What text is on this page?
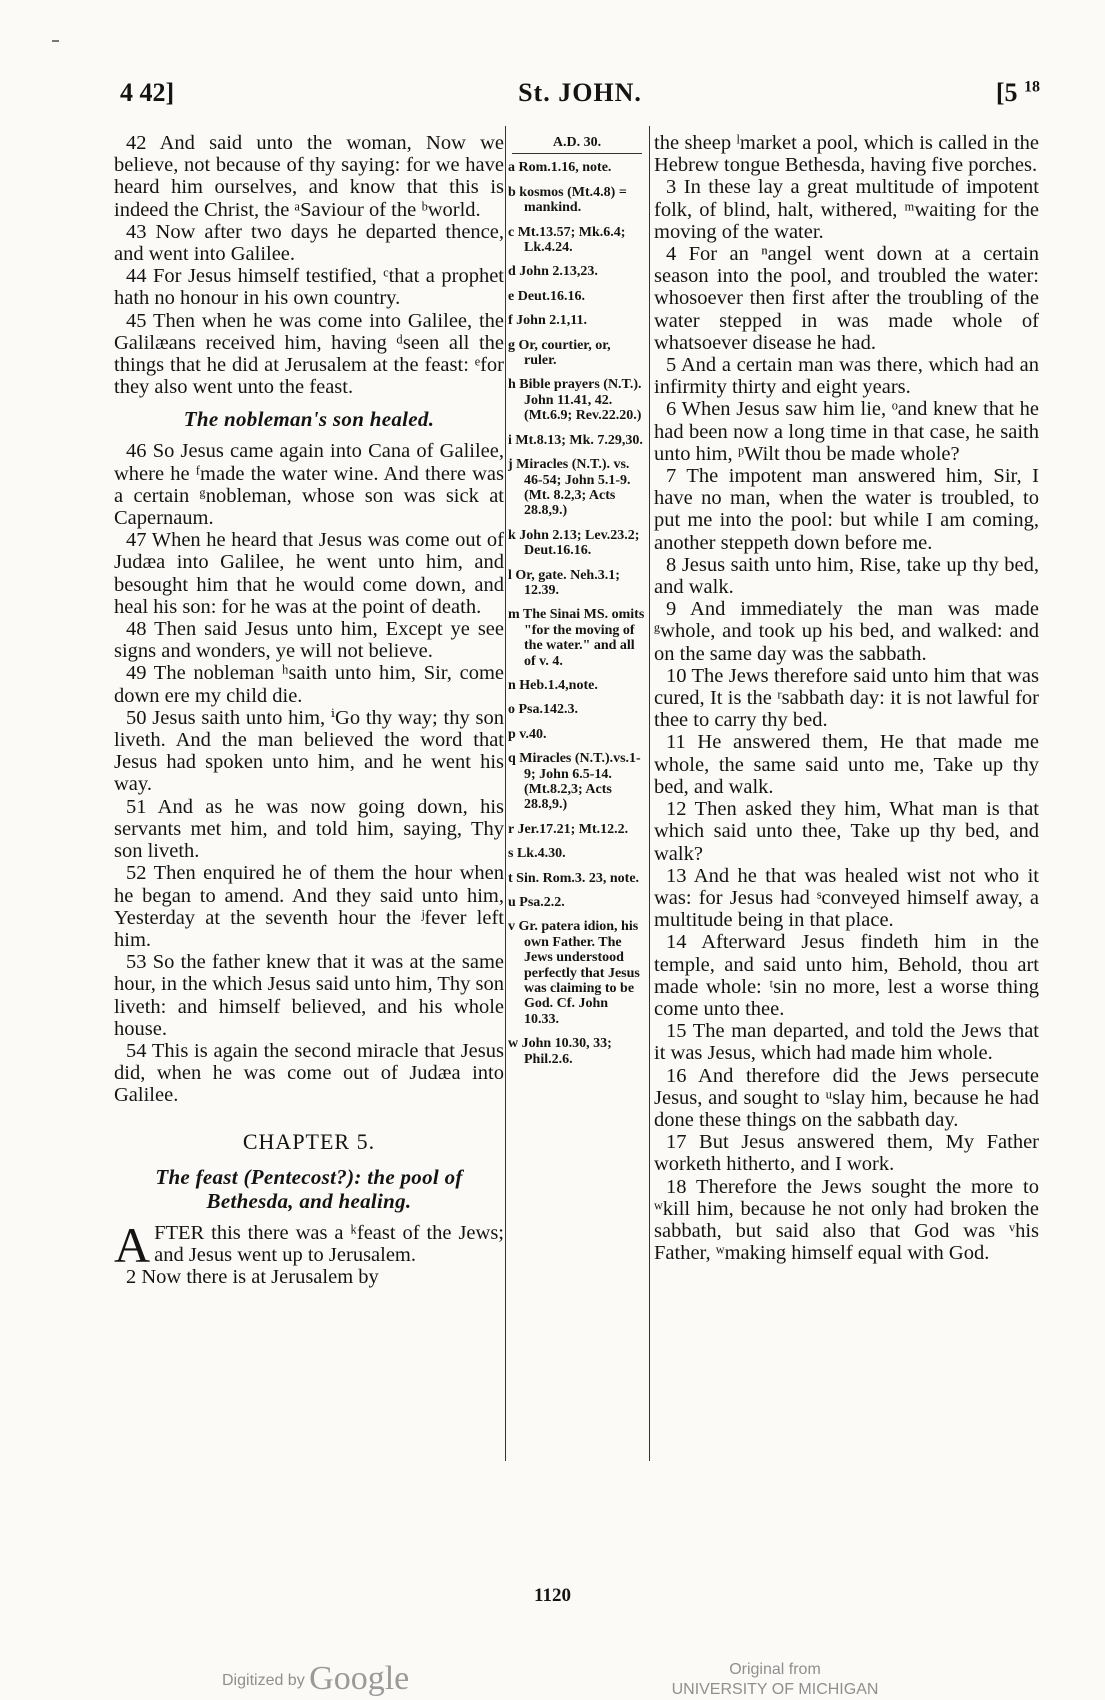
4 42]	St. JOHN.	[5 $^{18}$

42 And said unto the woman, Now we believe, not because of thy saying: for we have heard him ourselves, and know that this is indeed the Christ, the ᵃSaviour of the ᵇworld.

43 Now after two days he departed thence, and went into Galilee.

44 For Jesus himself testified, ᶜthat a prophet hath no honour in his own country.

45 Then when he was come into Galilee, the Galilæans received him, having ᵈseen all the things that he did at Jerusalem at the feast: ᵉfor they also went unto the feast.

The nobleman's son healed.

46 So Jesus came again into Cana of Galilee, where he ᶠmade the water wine. And there was a certain ᵍnobleman, whose son was sick at Capernaum.

47 When he heard that Jesus was come out of Judæa into Galilee, he went unto him, and besought him that he would come down, and heal his son: for he was at the point of death.

48 Then said Jesus unto him, Except ye see signs and wonders, ye will not believe.

49 The nobleman ʰsaith unto him, Sir, come down ere my child die.

50 Jesus saith unto him, ⁱGo thy way; thy son liveth. And the man believed the word that Jesus had spoken unto him, and he went his way.

51 And as he was now going down, his servants met him, and told him, saying, Thy son liveth.

52 Then enquired he of them the hour when he began to amend. And they said unto him, Yesterday at the seventh hour the ʲfever left him.

53 So the father knew that it was at the same hour, in the which Jesus said unto him, Thy son liveth: and himself believed, and his whole house.

54 This is again the second miracle that Jesus did, when he was come out of Judæa into Galilee.

CHAPTER 5.

The feast (Pentecost?): the pool of Bethesda, and healing.

AFTER this there was a ᵏfeast of the Jews; and Jesus went up to Jerusalem.

2 Now there is at Jerusalem by

A.D. 30.

a Rom.1.16, note.

b kosmos (Mt.4.8) = mankind.

c Mt.13.57; Mk.6.4; Lk.4.24.

d John 2.13,23.

e Deut.16.16.

f John 2.1,11.

g Or, courtier, or, ruler.

h Bible prayers (N.T.). John 11.41, 42. (Mt.6.9; Rev.22.20.)

i Mt.8.13; Mk. 7.29,30.

j Miracles (N.T.). vs. 46-54; John 5.1-9. (Mt. 8.2,3; Acts 28.8,9.)

k John 2.13; Lev.23.2; Deut.16.16.

l Or, gate. Neh.3.1; 12.39.

m The Sinai MS. omits "for the moving of the water." and all of v. 4.

n Heb.1.4,note.

o Psa.142.3.

p v.40.

q Miracles (N.T.).vs.1-9; John 6.5-14. (Mt.8.2,3; Acts 28.8,9.)

r Jer.17.21; Mt.12.2.

s Lk.4.30.

t Sin. Rom.3. 23, note.

u Psa.2.2.

v Gr. patera idion, his own Father. The Jews understood perfectly that Jesus was claiming to be God. Cf. John 10.33.

w John 10.30, 33; Phil.2.6.

the sheep ˡmarket a pool, which is called in the Hebrew tongue Bethesda, having five porches.

3 In these lay a great multitude of impotent folk, of blind, halt, withered, ᵐwaiting for the moving of the water.

4 For an ⁿangel went down at a certain season into the pool, and troubled the water: whosoever then first after the troubling of the water stepped in was made whole of whatsoever disease he had.

5 And a certain man was there, which had an infirmity thirty and eight years.

6 When Jesus saw him lie, ᵒand knew that he had been now a long time in that case, he saith unto him, ᵖWilt thou be made whole?

7 The impotent man answered him, Sir, I have no man, when the water is troubled, to put me into the pool: but while I am coming, another steppeth down before me.

8 Jesus saith unto him, Rise, take up thy bed, and walk.

9 And immediately the man was made ᵍwhole, and took up his bed, and walked: and on the same day was the sabbath.

10 The Jews therefore said unto him that was cured, It is the ʳsabbath day: it is not lawful for thee to carry thy bed.

11 He answered them, He that made me whole, the same said unto me, Take up thy bed, and walk.

12 Then asked they him, What man is that which said unto thee, Take up thy bed, and walk?

13 And he that was healed wist not who it was: for Jesus had ˢconveyed himself away, a multitude being in that place.

14 Afterward Jesus findeth him in the temple, and said unto him, Behold, thou art made whole: ᵗsin no more, lest a worse thing come unto thee.

15 The man departed, and told the Jews that it was Jesus, which had made him whole.

16 And therefore did the Jews persecute Jesus, and sought to ᵘslay him, because he had done these things on the sabbath day.

17 But Jesus answered them, My Father worketh hitherto, and I work.

18 Therefore the Jews sought the more to ʷkill him, because he not only had broken the sabbath, but said also that God was ᵛhis Father, ʷmaking himself equal with God.

1120
Digitized by Google	Original from
UNIVERSITY OF MICHIGAN
